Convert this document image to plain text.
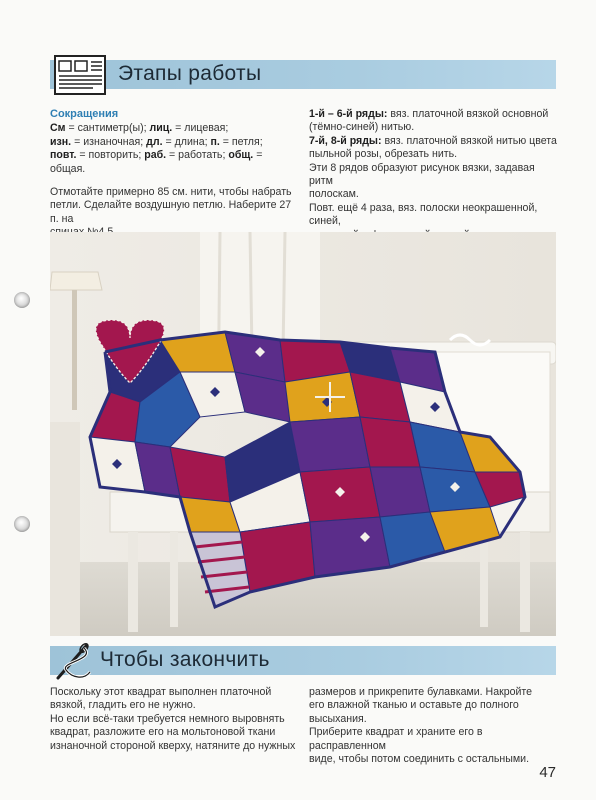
Этапы работы
Сокращения

См = сантиметр(ы); лиц. = лицевая;

изн. = изнаночная; дл. = длина; п. = петля;

повт. = повторить; раб. = работать; общ. = общая.

Отмотайте примерно 85 см. нити, чтобы набрать

петли. Сделайте воздушную петлю. Наберите 27 п. на

1-й – 6-й ряды: вяз. платочной вязкой основной

(тёмно-синей) нитью.

7-й, 8-й ряды: вяз. платочной вязкой нитью цвета

пыльной розы, обрезать нить.

Эти 8 рядов образуют рисунок вязки, задавая ритм

полоскам.

Повт. ещё 4 раза, вяз. полоски неокрашенной, синей,

Чтобы закончить

Поскольку этот квадрат выполнен платочной

вязкой, гладить его не нужно.

Но если всё-таки требуется немного выровнять

квадрат, разложите его на мольтоновой ткани

изнаночной стороной кверху, натяните до нужных

размеров и прикрепите булавками. Накройте

его влажной тканью и оставьте до полного

высыхания.

Приберите квадрат и храните его в расправленном

виде, чтобы потом соединить с остальными.

47
